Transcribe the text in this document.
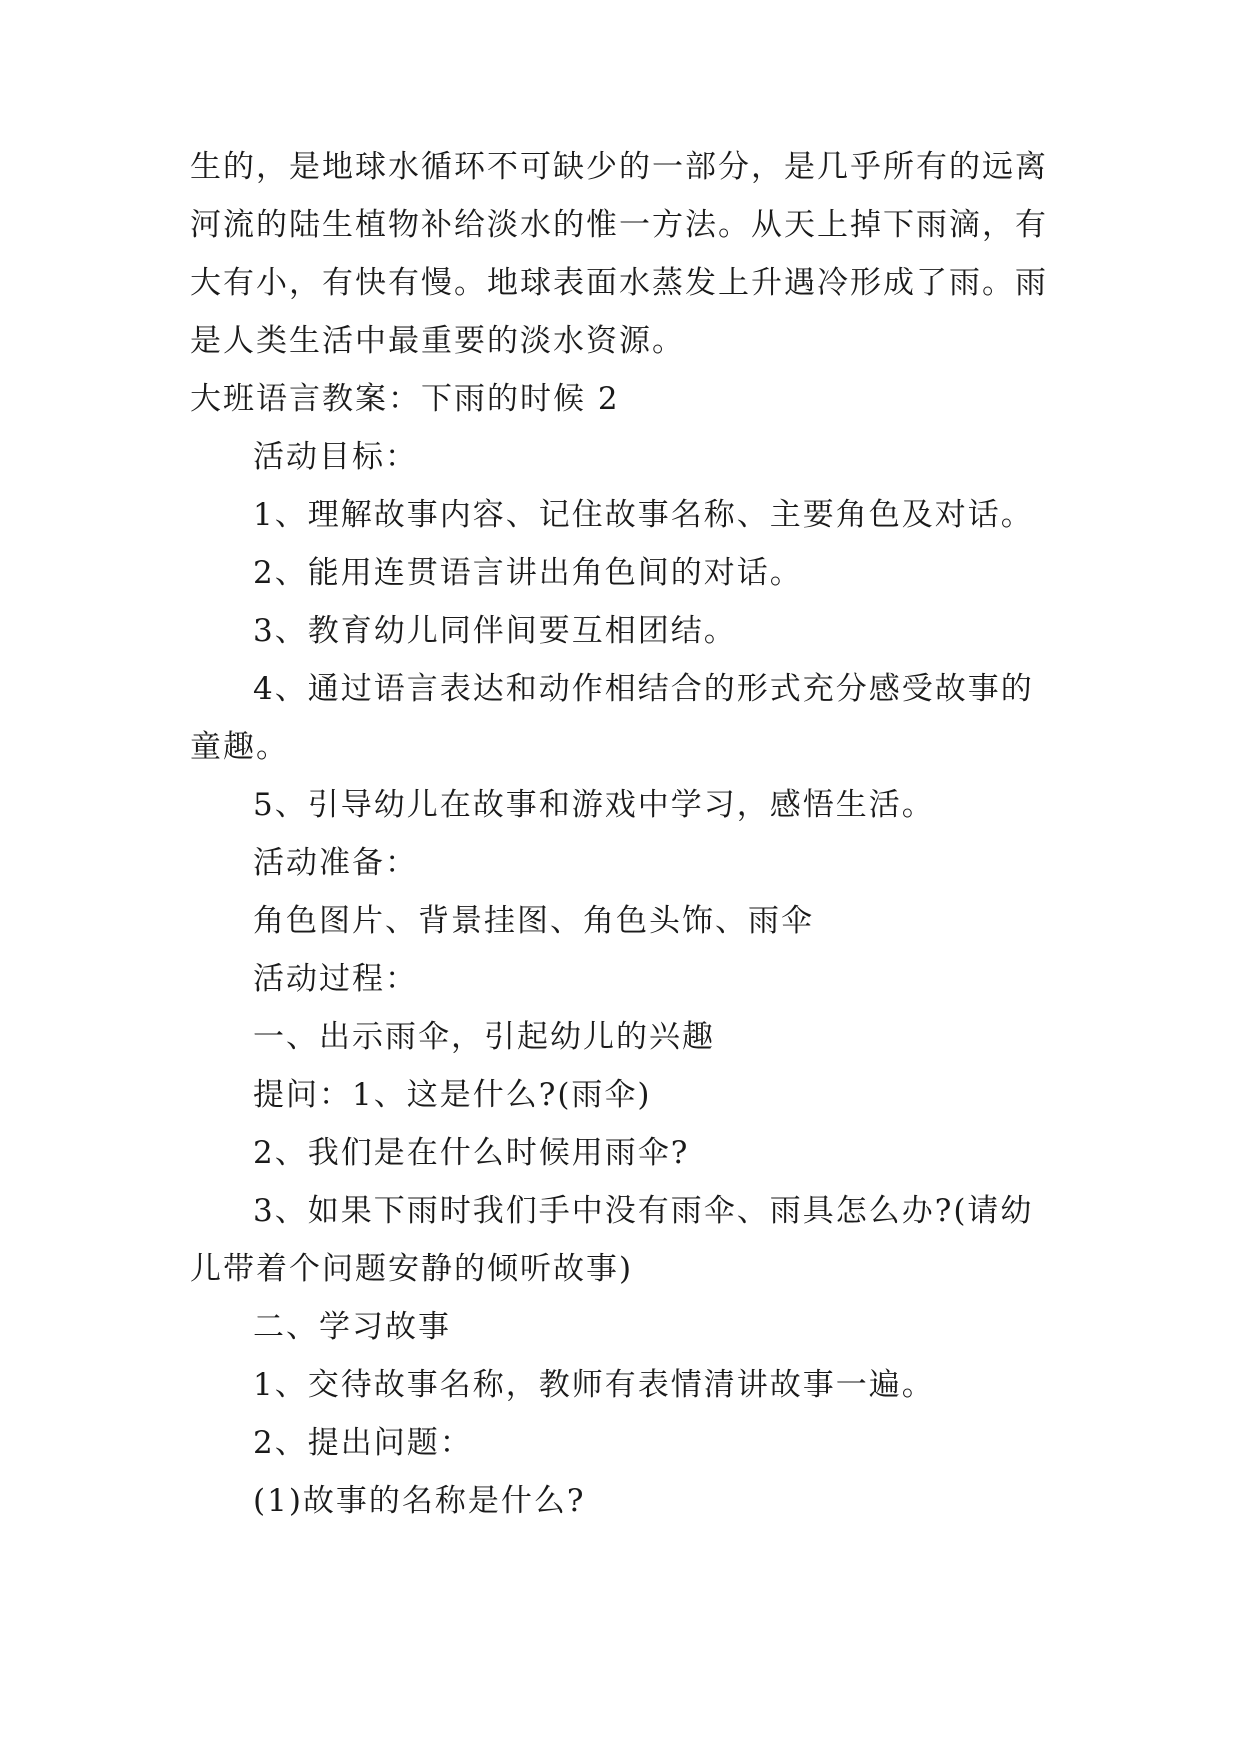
生的，是地球水循环不可缺少的一部分，是几乎所有的远离
河流的陆生植物补给淡水的惟一方法。从天上掉下雨滴，有
大有小，有快有慢。地球表面水蒸发上升遇冷形成了雨。雨
是人类生活中最重要的淡水资源。
大班语言教案：下雨的时候 2
活动目标：
1、理解故事内容、记住故事名称、主要角色及对话。
2、能用连贯语言讲出角色间的对话。
3、教育幼儿同伴间要互相团结。
4、通过语言表达和动作相结合的形式充分感受故事的
童趣。
5、引导幼儿在故事和游戏中学习，感悟生活。
活动准备：
角色图片、背景挂图、角色头饰、雨伞
活动过程：
一、出示雨伞，引起幼儿的兴趣
提问：1、这是什么?(雨伞)
2、我们是在什么时候用雨伞?
3、如果下雨时我们手中没有雨伞、雨具怎么办?(请幼
儿带着个问题安静的倾听故事)
二、学习故事
1、交待故事名称，教师有表情清讲故事一遍。
2、提出问题：
(1)故事的名称是什么?
